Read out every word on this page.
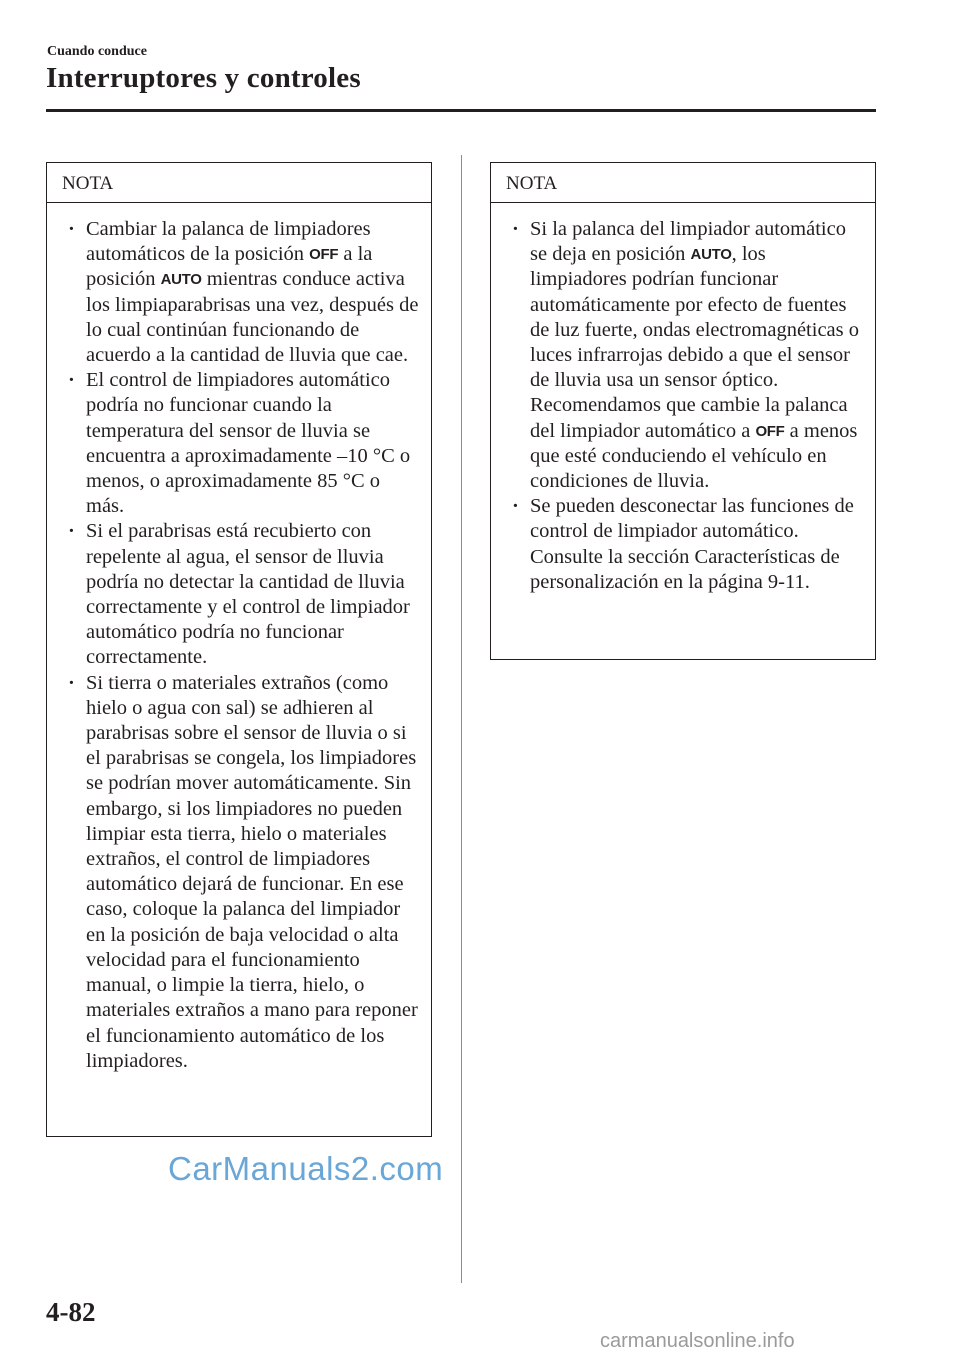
Cuando conduce
Interruptores y controles
NOTA
· Cambiar la palanca de limpiadores automáticos de la posición OFF a la posición AUTO mientras conduce activa los limpiaparabrisas una vez, después de lo cual continúan funcionando de acuerdo a la cantidad de lluvia que cae.
· El control de limpiadores automático podría no funcionar cuando la temperatura del sensor de lluvia se encuentra a aproximadamente –10 °C o menos, o aproximadamente 85 °C o más.
· Si el parabrisas está recubierto con repelente al agua, el sensor de lluvia podría no detectar la cantidad de lluvia correctamente y el control de limpiador automático podría no funcionar correctamente.
· Si tierra o materiales extraños (como hielo o agua con sal) se adhieren al parabrisas sobre el sensor de lluvia o si el parabrisas se congela, los limpiadores se podrían mover automáticamente. Sin embargo, si los limpiadores no pueden limpiar esta tierra, hielo o materiales extraños, el control de limpiadores automático dejará de funcionar. En ese caso, coloque la palanca del limpiador en la posición de baja velocidad o alta velocidad para el funcionamiento manual, o limpie la tierra, hielo, o materiales extraños a mano para reponer el funcionamiento automático de los limpiadores.
NOTA
· Si la palanca del limpiador automático se deja en posición AUTO, los limpiadores podrían funcionar automáticamente por efecto de fuentes de luz fuerte, ondas electromagnéticas o luces infrarrojas debido a que el sensor de lluvia usa un sensor óptico. Recomendamos que cambie la palanca del limpiador automático a OFF a menos que esté conduciendo el vehículo en condiciones de lluvia.
· Se pueden desconectar las funciones de control de limpiador automático. Consulte la sección Características de personalización en la página 9-11.
CarManuals2.com
4-82
carmanualsonline.info
